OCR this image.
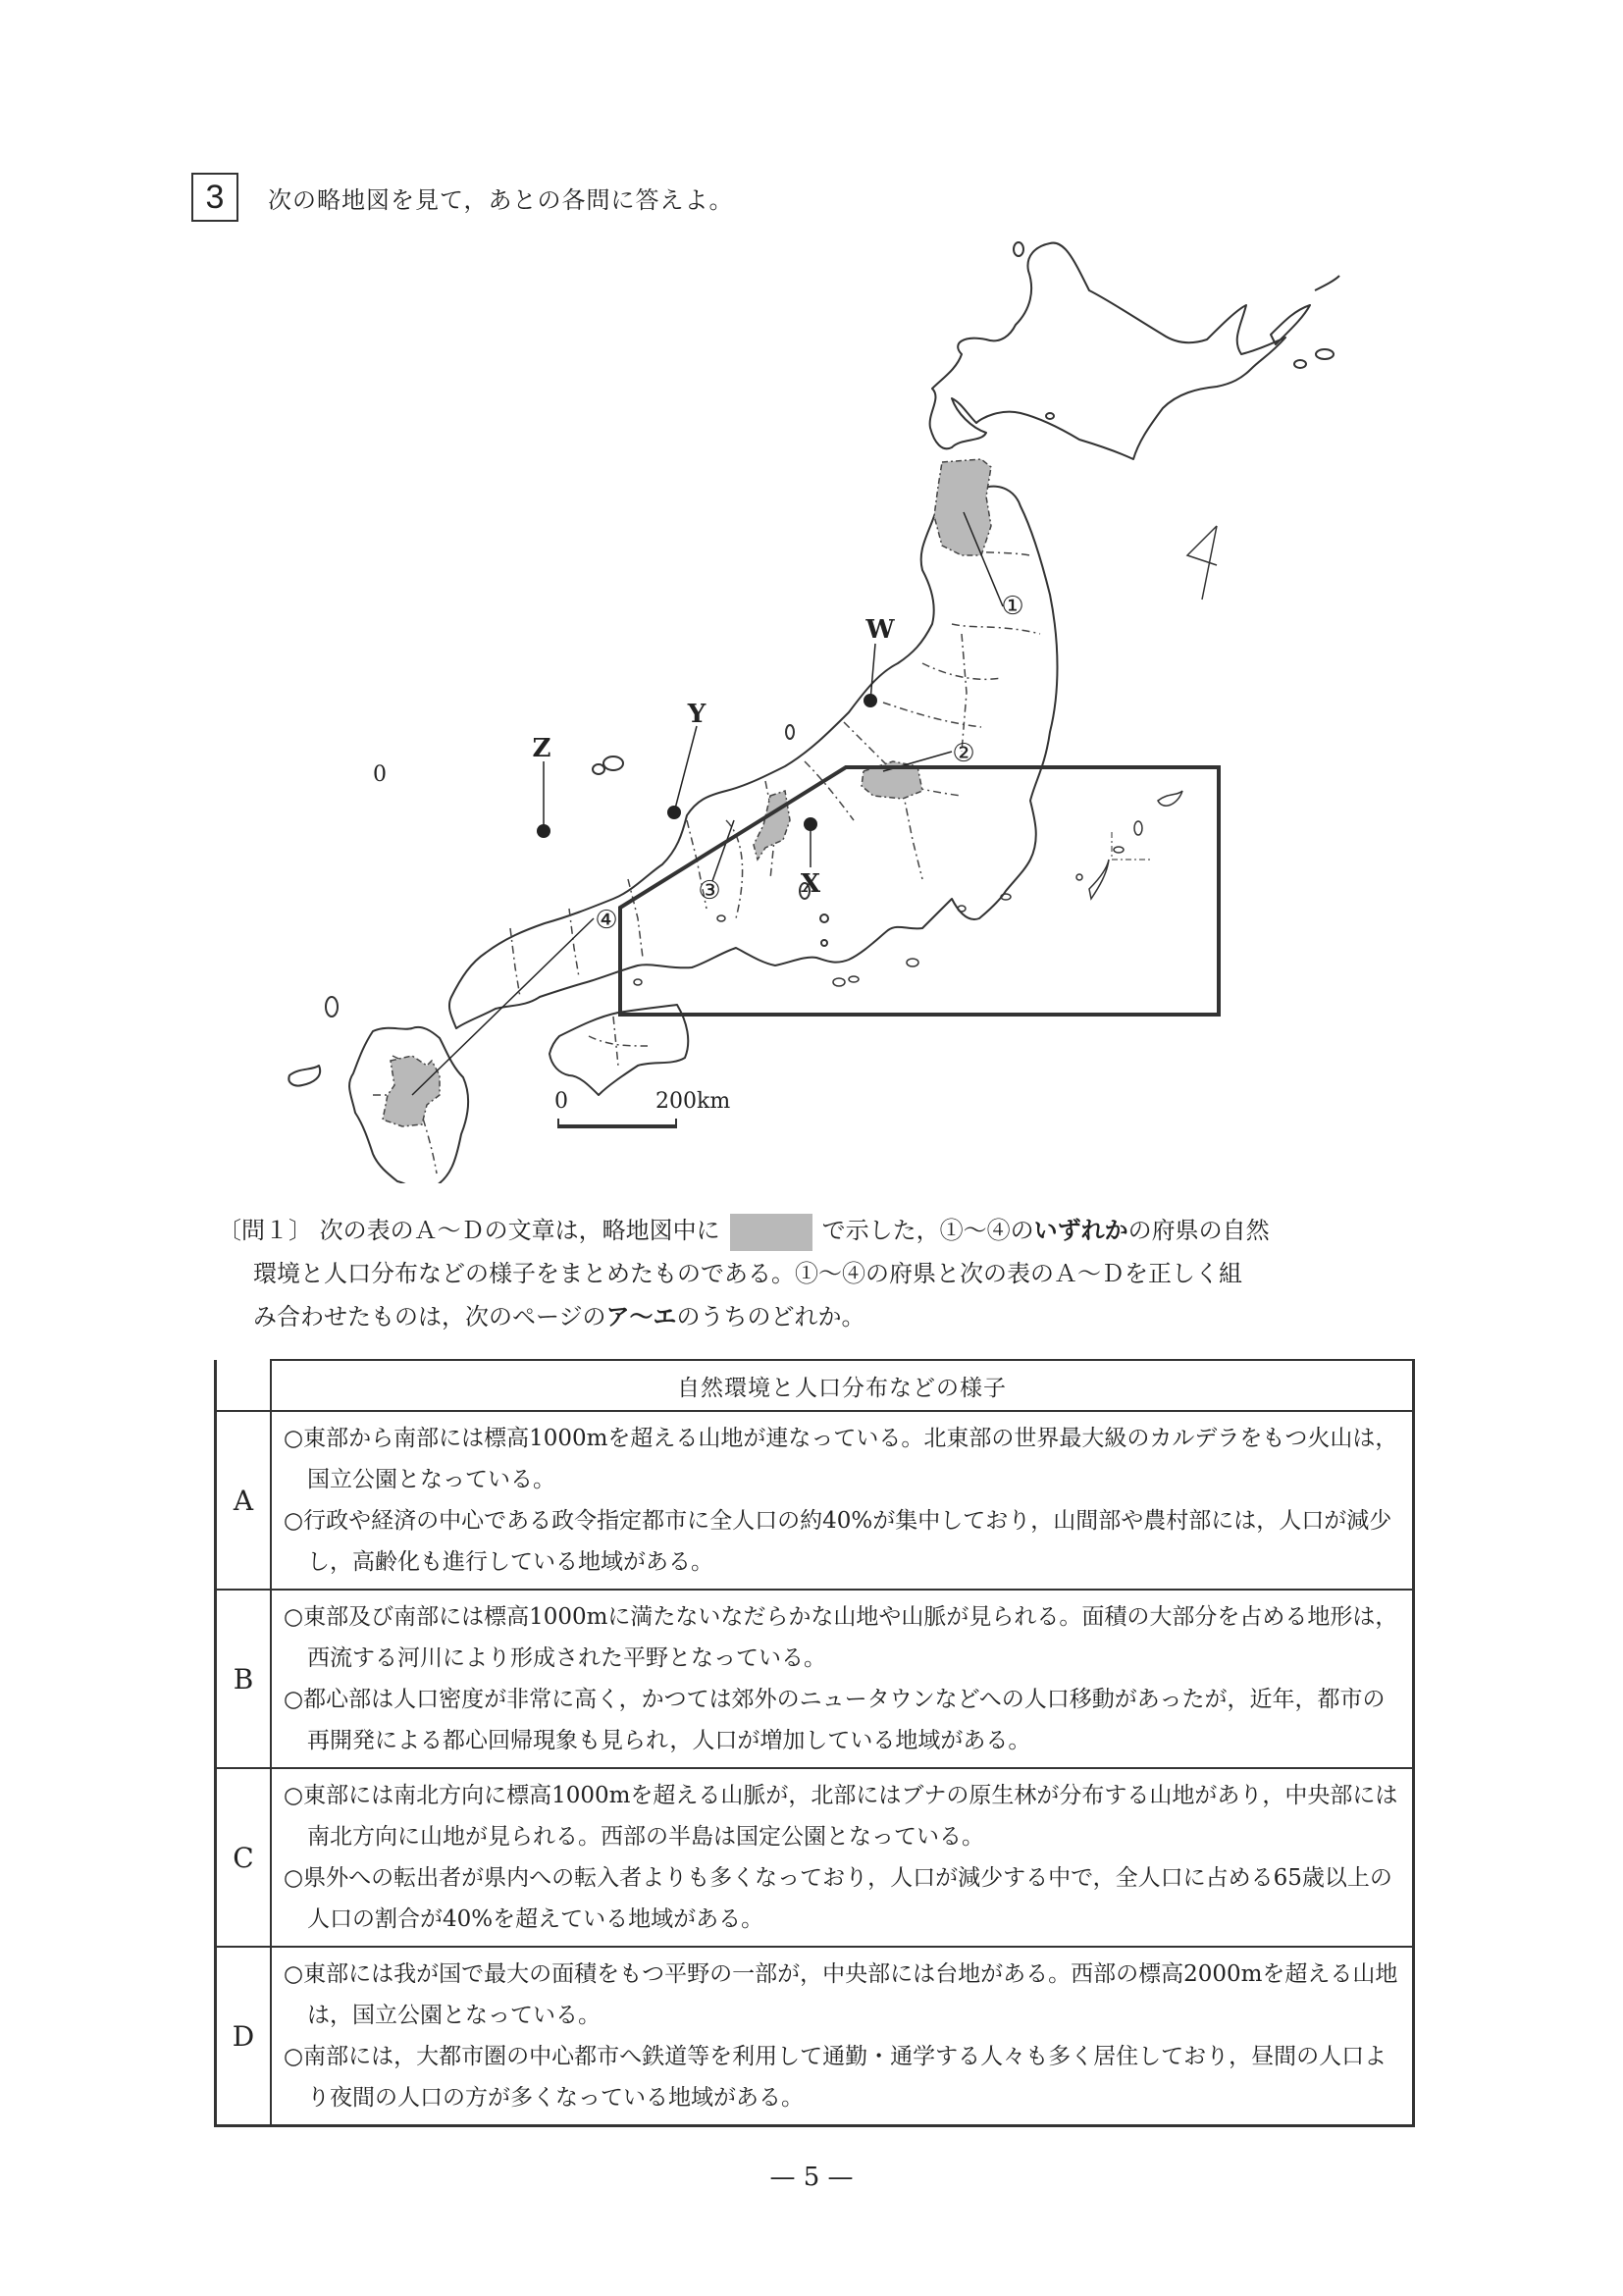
3	次の略地図を見て，あとの各問に答えよ。
W
X
Y
Z
①
②
③
④
0
0	200km
〔問１〕 次の表のＡ～Ｄの文章は，略地図中に	で示した，①～④のいずれかの府県の自然
環境と人口分布などの様子をまとめたものである。①～④の府県と次の表のＡ～Ｄを正しく組
み合わせたものは，次のページのア～エのうちのどれか。
	自然環境と人口分布などの様子
A	○東部から南部には標高1000mを超える山地が連なっている。北東部の世界最大級のカルデラをもつ火山は，国立公園となっている。

○行政や経済の中心である政令指定都市に全人口の約40%が集中しており，山間部や農村部には，人口が減少し，高齢化も進行している地域がある。

B	○東部及び南部には標高1000mに満たないなだらかな山地や山脈が見られる。面積の大部分を占める地形は，西流する河川により形成された平野となっている。

○都心部は人口密度が非常に高く，かつては郊外のニュータウンなどへの人口移動があったが，近年，都市の再開発による都心回帰現象も見られ，人口が増加している地域がある。

C	○東部には南北方向に標高1000mを超える山脈が，北部にはブナの原生林が分布する山地があり，中央部には南北方向に山地が見られる。西部の半島は国定公園となっている。

○県外への転出者が県内への転入者よりも多くなっており，人口が減少する中で，全人口に占める65歳以上の人口の割合が40%を超えている地域がある。

D	○東部には我が国で最大の面積をもつ平野の一部が，中央部には台地がある。西部の標高2000mを超える山地は，国立公園となっている。

○南部には，大都市圏の中心都市へ鉄道等を利用して通勤・通学する人々も多く居住しており，昼間の人口より夜間の人口の方が多くなっている地域がある。

— 5 —
